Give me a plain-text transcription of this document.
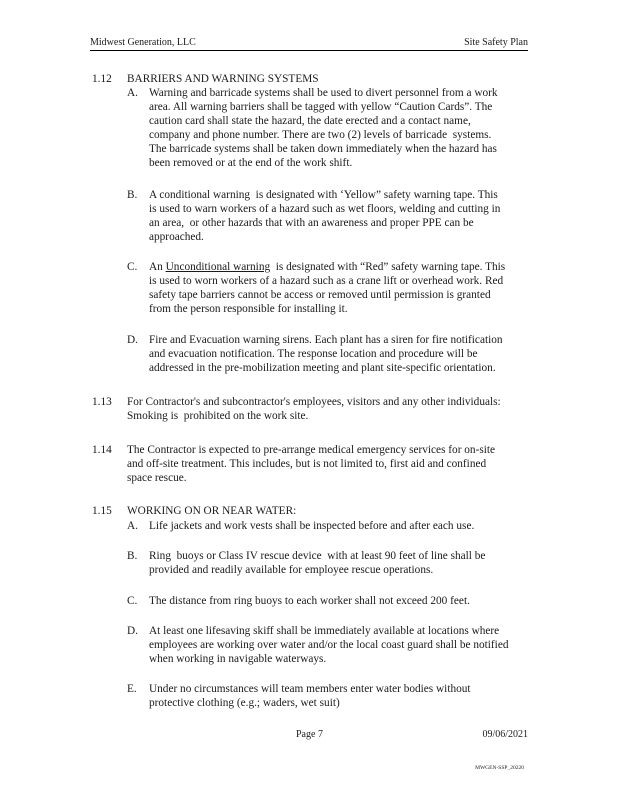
Midwest Generation, LLC	Site Safety Plan
1.12 BARRIERS AND WARNING SYSTEMS
A. Warning and barricade systems shall be used to divert personnel from a work
area. All warning barriers shall be tagged with yellow “Caution Cards”. The
caution card shall state the hazard, the date erected and a contact name,
company and phone number. There are two (2) levels of barricade  systems.
The barricade systems shall be taken down immediately when the hazard has
been removed or at the end of the work shift.
B. A conditional warning  is designated with ‘Yellow” safety warning tape. This
is used to warn workers of a hazard such as wet floors, welding and cutting in
an area,  or other hazards that with an awareness and proper PPE can be
approached.
C. An Unconditional warning  is designated with “Red” safety warning tape. This
is used to worn workers of a hazard such as a crane lift or overhead work. Red
safety tape barriers cannot be access or removed until permission is granted
from the person responsible for installing it.
D. Fire and Evacuation warning sirens. Each plant has a siren for fire notification
and evacuation notification. The response location and procedure will be
addressed in the pre-mobilization meeting and plant site-specific orientation.
1.13 For Contractor's and subcontractor's employees, visitors and any other individuals:
Smoking is  prohibited on the work site.
1.14 The Contractor is expected to pre-arrange medical emergency services for on-site
and off-site treatment. This includes, but is not limited to, first aid and confined
space rescue.
1.15 WORKING ON OR NEAR WATER:
A. Life jackets and work vests shall be inspected before and after each use.
B. Ring  buoys or Class IV rescue device  with at least 90 feet of line shall be
provided and readily available for employee rescue operations.
C. The distance from ring buoys to each worker shall not exceed 200 feet.
D. At least one lifesaving skiff shall be immediately available at locations where
employees are working over water and/or the local coast guard shall be notified
when working in navigable waterways.
E. Under no circumstances will team members enter water bodies without
protective clothing (e.g.; waders, wet suit)
Page 7	09/06/2021
MWGEN-SSP_20220
